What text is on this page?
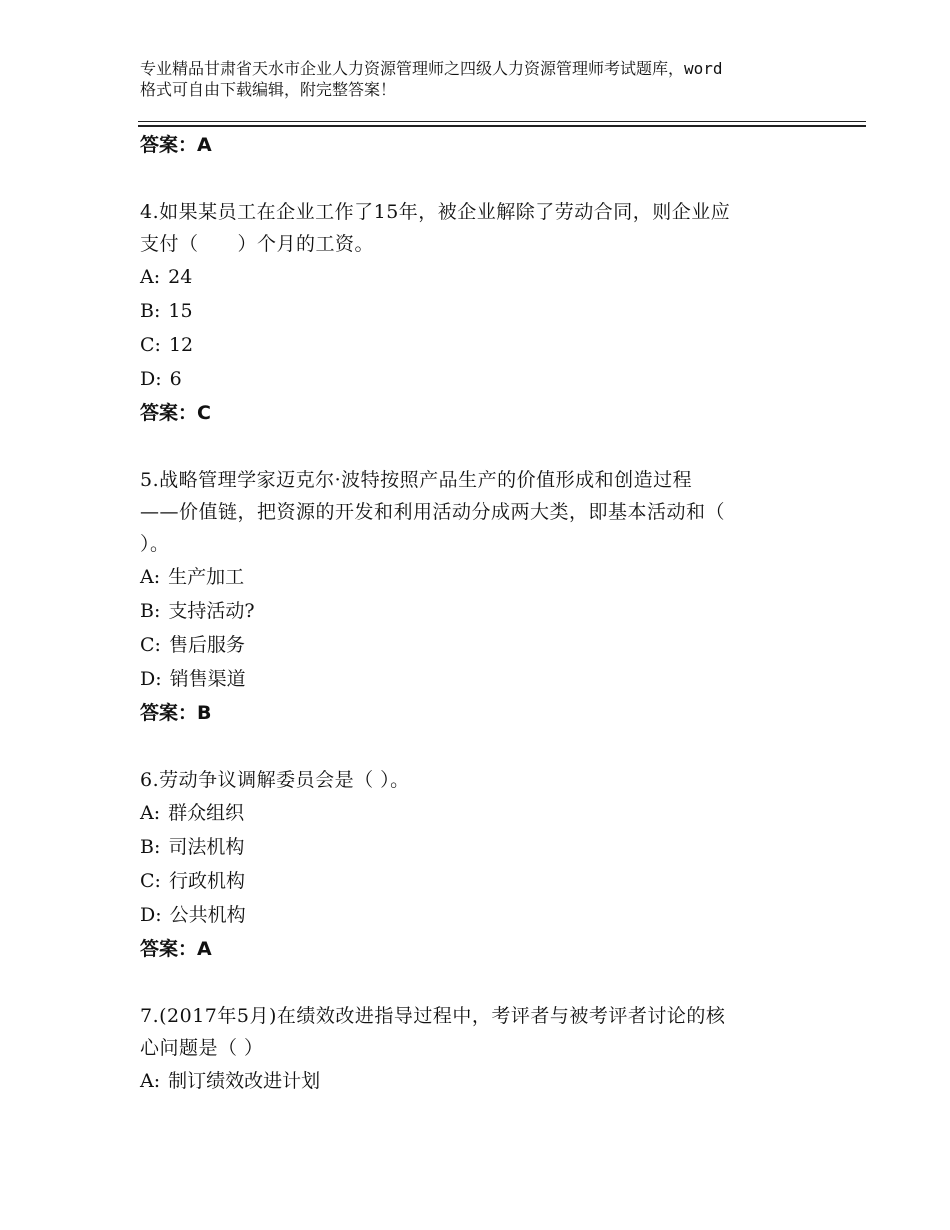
专业精品甘肃省天水市企业人力资源管理师之四级人力资源管理师考试题库，word
格式可自由下载编辑，附完整答案！
答案：A
4.如果某员工在企业工作了15年，被企业解除了劳动合同，则企业应
支付（　　）个月的工资。
A: 24
B: 15
C: 12
D: 6
答案：C
5.战略管理学家迈克尔·波特按照产品生产的价值形成和创造过程
——价值链，把资源的开发和利用活动分成两大类，即基本活动和（
）。
A: 生产加工
B: 支持活动?
C: 售后服务
D: 销售渠道
答案：B
6.劳动争议调解委员会是（ ）。
A: 群众组织
B: 司法机构
C: 行政机构
D: 公共机构
答案：A
7.(2017年5月)在绩效改进指导过程中，考评者与被考评者讨论的核
心问题是（ ）
A: 制订绩效改进计划
